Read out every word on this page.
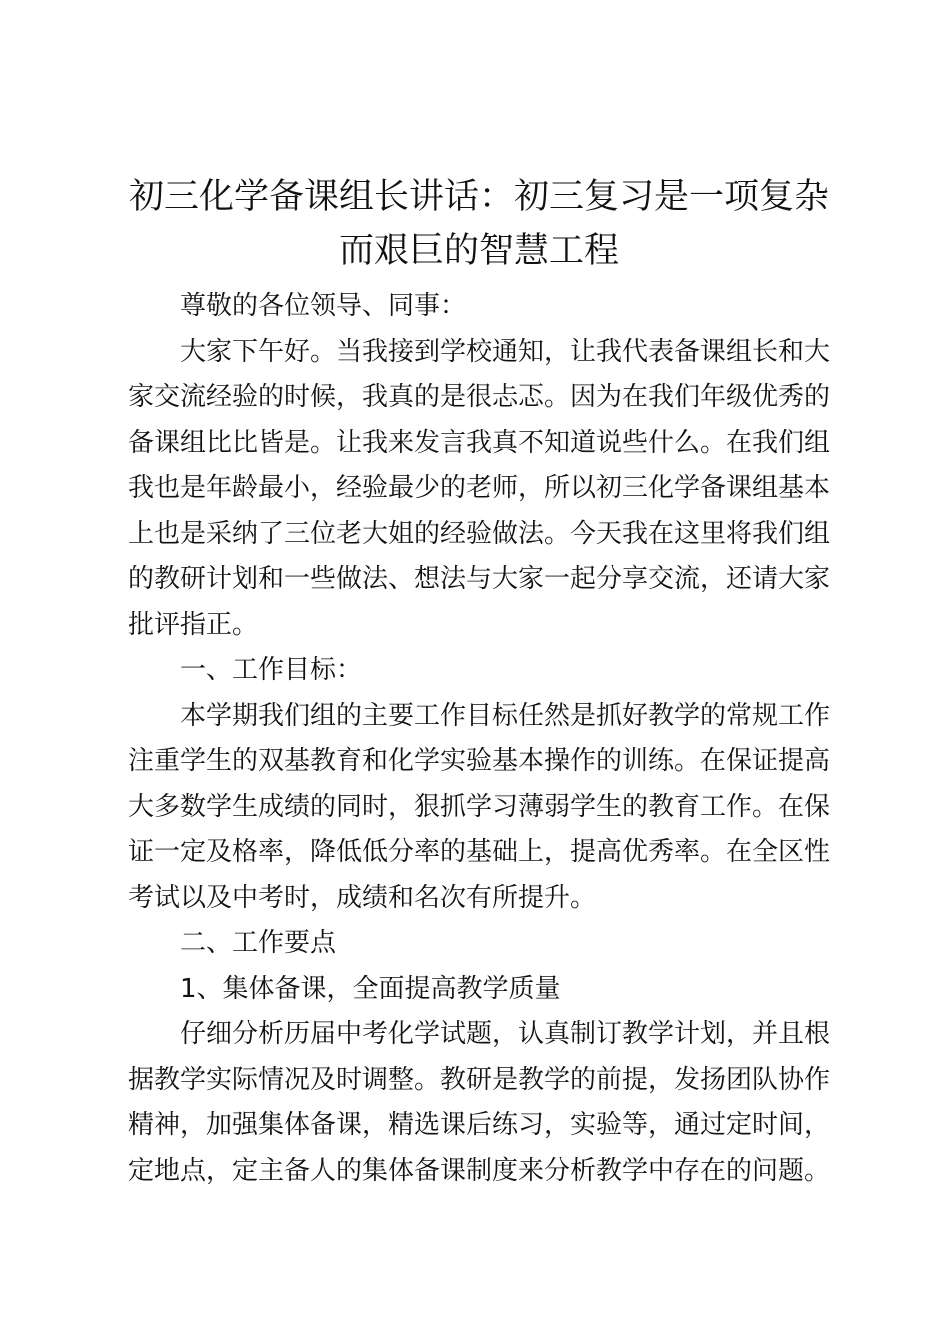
初三化学备课组长讲话：初三复习是一项复杂
而艰巨的智慧工程

尊敬的各位领导、同事：

大家下午好。当我接到学校通知，让我代表备课组长和大家交流经验的时候，我真的是很忐忑。因为在我们年级优秀的备课组比比皆是。让我来发言我真不知道说些什么。在我们组我也是年龄最小，经验最少的老师，所以初三化学备课组基本上也是采纳了三位老大姐的经验做法。今天我在这里将我们组的教研计划和一些做法、想法与大家一起分享交流，还请大家批评指正。

一、工作目标：

本学期我们组的主要工作目标任然是抓好教学的常规工作注重学生的双基教育和化学实验基本操作的训练。在保证提高大多数学生成绩的同时，狠抓学习薄弱学生的教育工作。在保证一定及格率，降低低分率的基础上，提高优秀率。在全区性考试以及中考时，成绩和名次有所提升。

二、工作要点

1、集体备课，全面提高教学质量

仔细分析历届中考化学试题，认真制订教学计划，并且根据教学实际情况及时调整。教研是教学的前提，发扬团队协作精神，加强集体备课，精选课后练习，实验等，通过定时间，定地点，定主备人的集体备课制度来分析教学中存在的问题。
